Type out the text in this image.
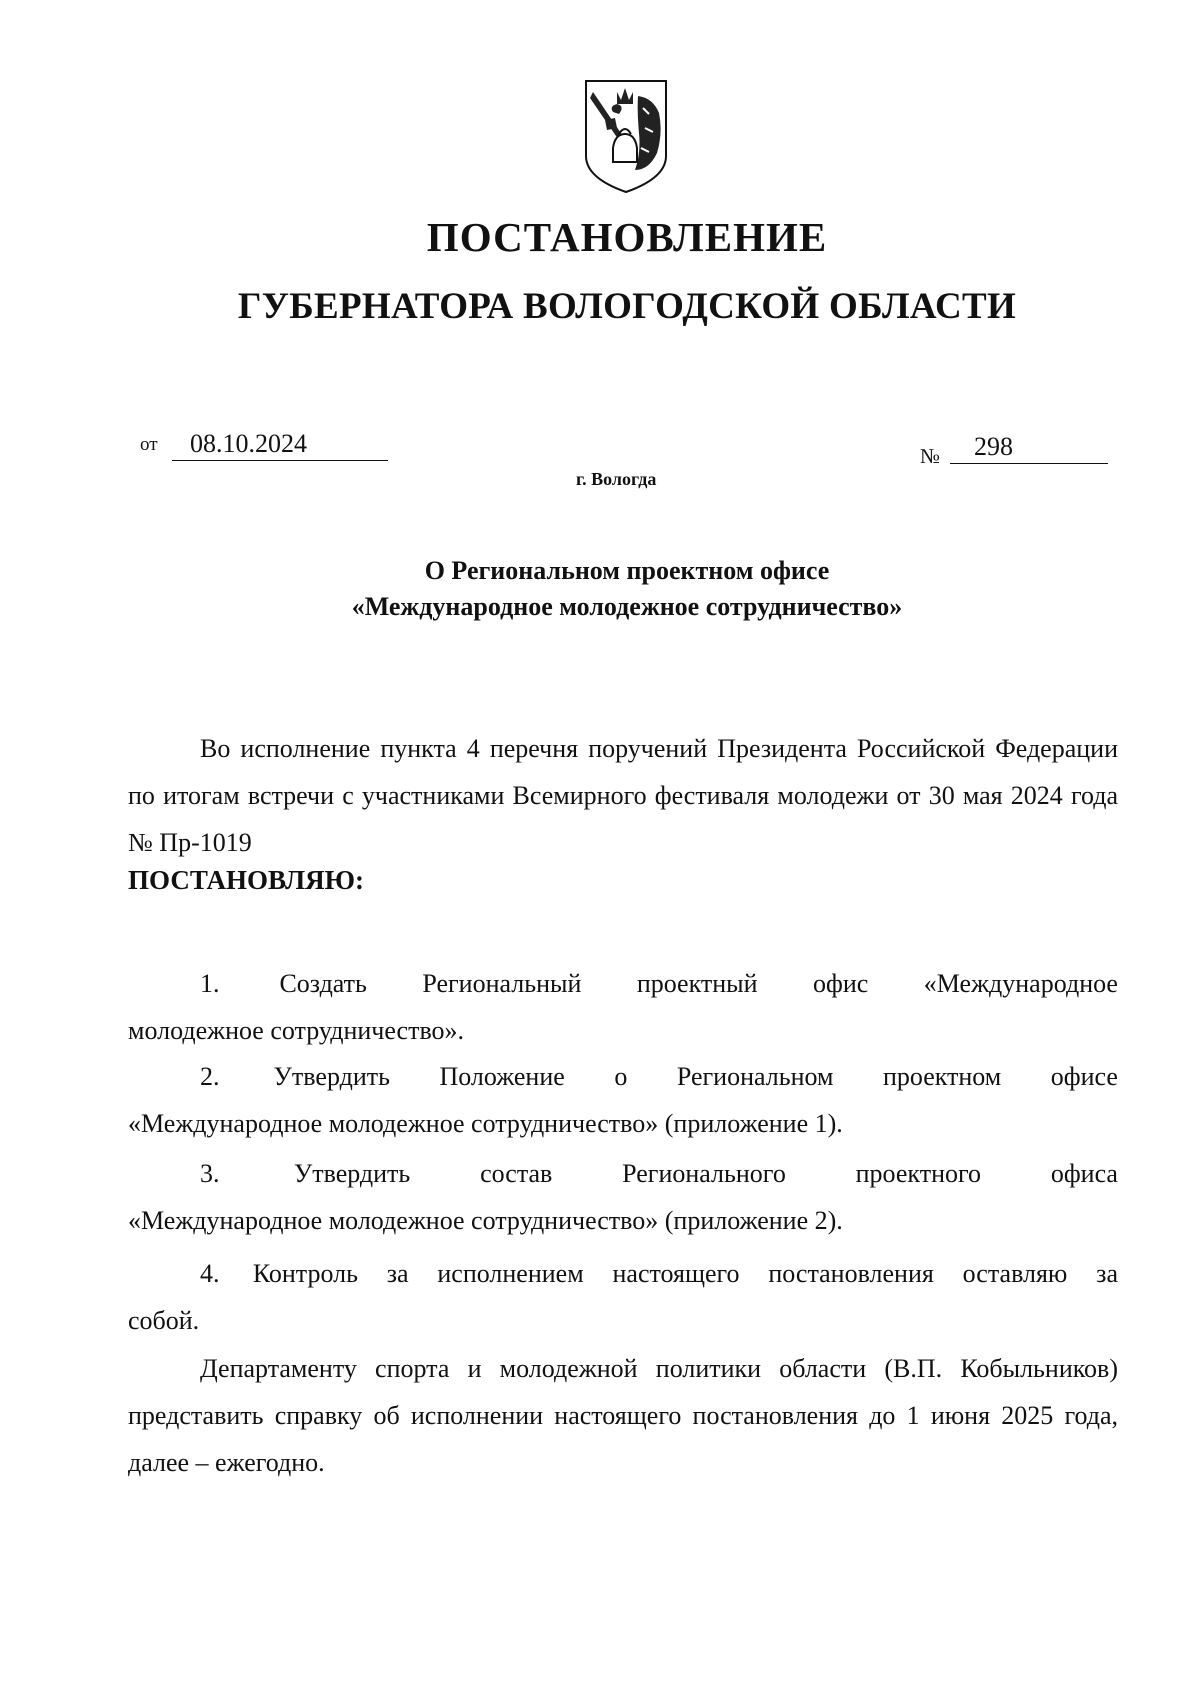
ПОСТАНОВЛЕНИЕ
ГУБЕРНАТОРА ВОЛОГОДСКОЙ ОБЛАСТИ
от	08.10.2024	№	298
г. Вологда
О Региональном проектном офисе
«Международное молодежное сотрудничество»
Во исполнение пункта 4 перечня поручений Президента Российской Федерации по итогам встречи с участниками Всемирного фестиваля молодежи от 30 мая 2024 года № Пр-1019
ПОСТАНОВЛЯЮ:
1. Создать Региональный проектный офис «Международное
молодежное сотрудничество».
2. Утвердить Положение о Региональном проектном офисе
«Международное молодежное сотрудничество» (приложение 1).
3.	Утвердить	состав	Регионального	проектного	офиса
«Международное молодежное сотрудничество» (приложение 2).
4. Контроль за исполнением настоящего постановления оставляю за
собой.
Департаменту спорта и молодежной политики области (В.П. Кобыльников) представить справку об исполнении настоящего постановления до 1 июня 2025 года, далее – ежегодно.
